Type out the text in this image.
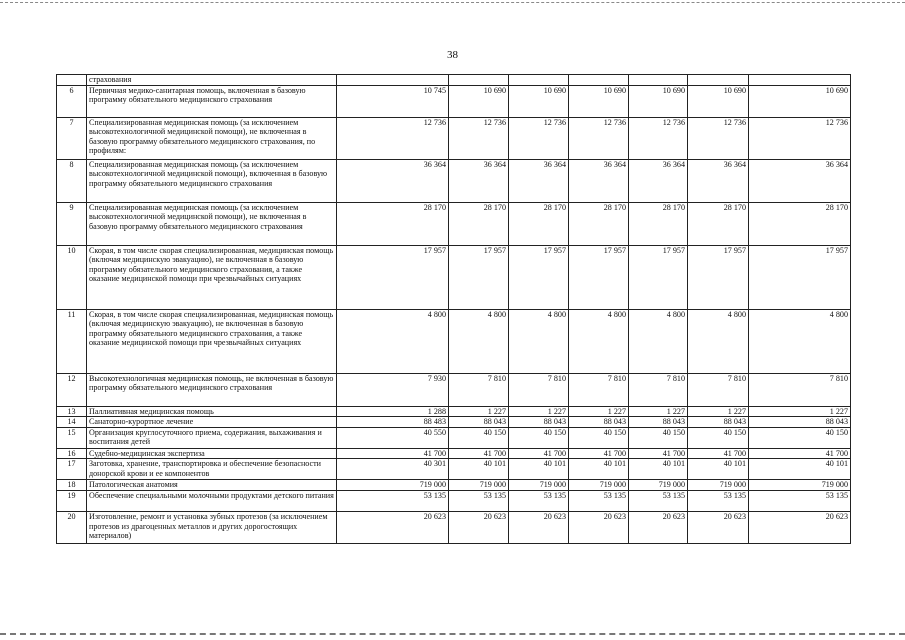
38
	страхования							
6	Первичная медико-санитарная помощь, включенная в базовую программу обязательного медицинского страхования	10 745	10 690	10 690	10 690	10 690	10 690	10 690
7	Специализированная медицинская помощь (за исключением высокотехнологичной медицинской помощи), не включенная в базовую программу обязательного медицинского страхования, по профилям:	12 736	12 736	12 736	12 736	12 736	12 736	12 736
8	Специализированная медицинская помощь (за исключением высокотехнологичной медицинской помощи), включенная в базовую программу обязательного медицинского страхования	36 364	36 364	36 364	36 364	36 364	36 364	36 364
9	Специализированная медицинская помощь (за исключением высокотехнологичной медицинской помощи), не включенная в базовую программу обязательного медицинского страхования	28 170	28 170	28 170	28 170	28 170	28 170	28 170
10	Скорая, в том числе скорая специализированная, медицинская помощь (включая медицинскую эвакуацию), не включенная в базовую программу обязательного медицинского страхования, а также оказание медицинской помощи при чрезвычайных ситуациях	17 957	17 957	17 957	17 957	17 957	17 957	17 957
11	Скорая, в том числе скорая специализированная, медицинская помощь (включая медицинскую эвакуацию), не включенная в базовую программу обязательного медицинского страхования, а также оказание медицинской помощи при чрезвычайных ситуациях	4 800	4 800	4 800	4 800	4 800	4 800	4 800
12	Высокотехнологичная медицинская помощь, не включенная в базовую программу обязательного медицинского страхования	7 930	7 810	7 810	7 810	7 810	7 810	7 810
13	Паллиативная медицинская помощь	1 288	1 227	1 227	1 227	1 227	1 227	1 227
14	Санаторно-курортное лечение	88 483	88 043	88 043	88 043	88 043	88 043	88 043
15	Организация круглосуточного приема, содержания, выхаживания и воспитания детей	40 550	40 150	40 150	40 150	40 150	40 150	40 150
16	Судебно-медицинская экспертиза	41 700	41 700	41 700	41 700	41 700	41 700	41 700
17	Заготовка, хранение, транспортировка и обеспечение безопасности донорской крови и ее компонентов	40 301	40 101	40 101	40 101	40 101	40 101	40 101
18	Патологическая анатомия	719 000	719 000	719 000	719 000	719 000	719 000	719 000
19	Обеспечение специальными молочными продуктами детского питания	53 135	53 135	53 135	53 135	53 135	53 135	53 135
20	Изготовление, ремонт и установка зубных протезов (за исключением протезов из драгоценных металлов и других дорогостоящих материалов)	20 623	20 623	20 623	20 623	20 623	20 623	20 623
